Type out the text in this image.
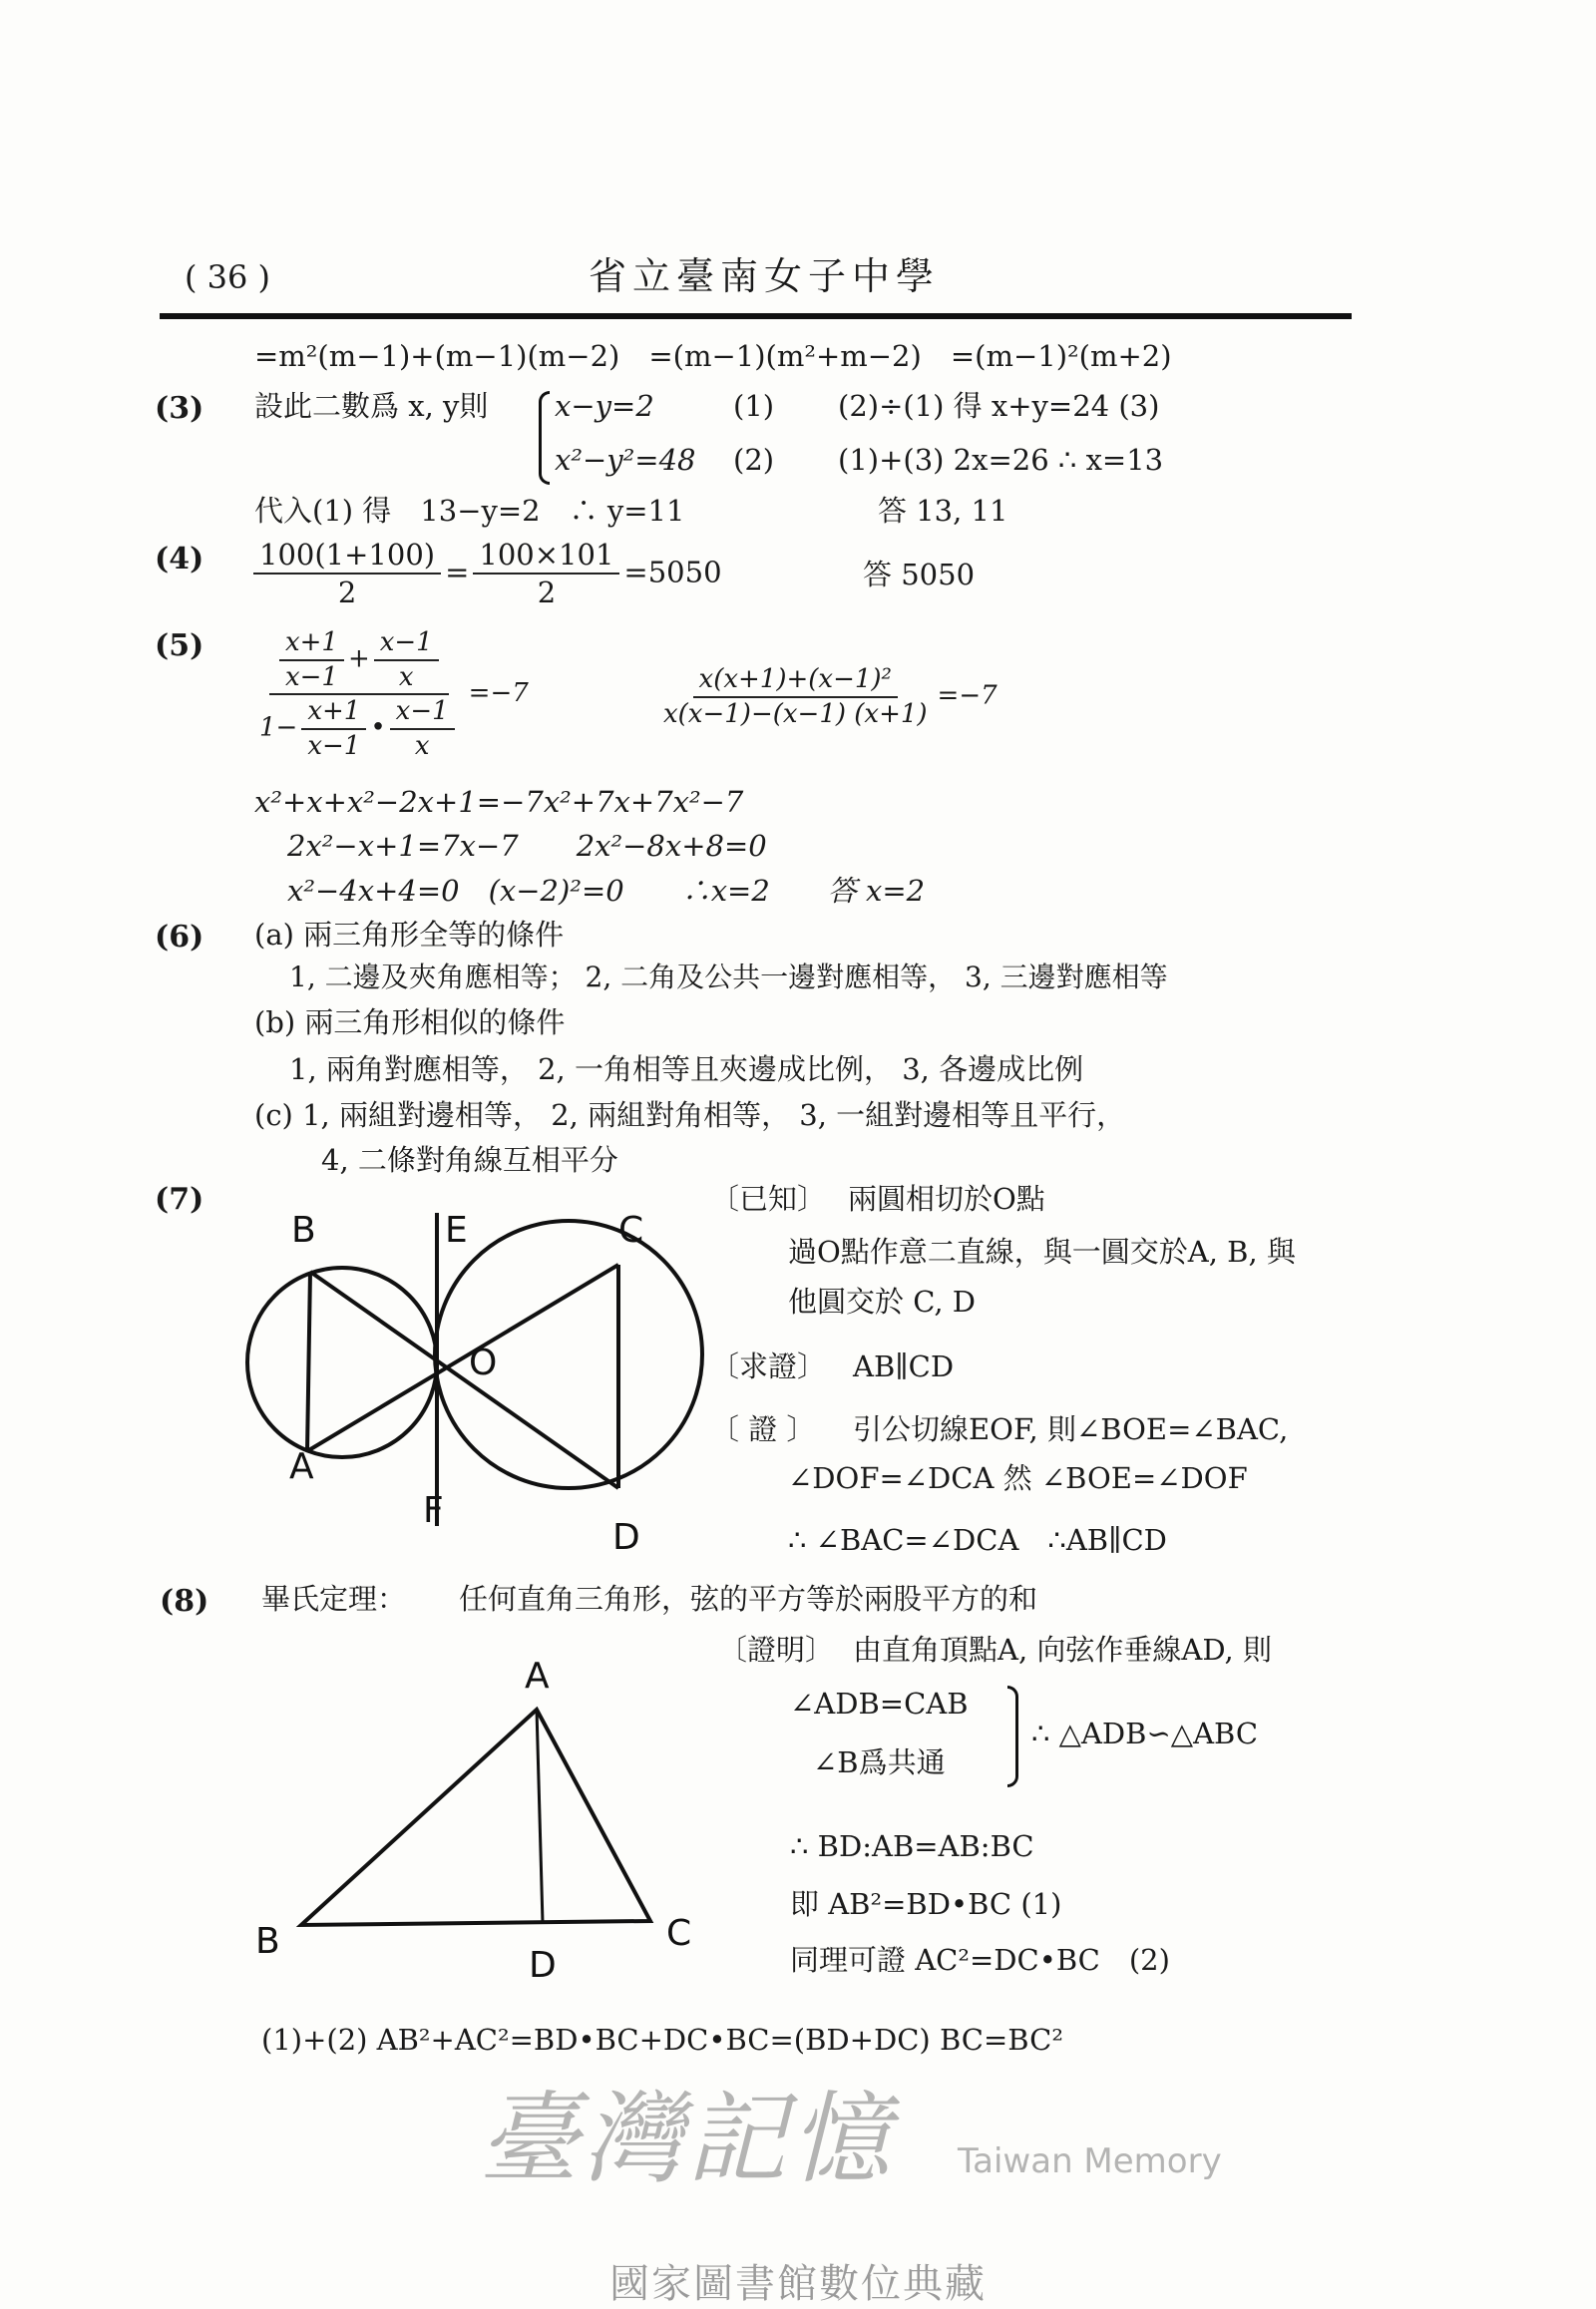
( 36 )	省立臺南女子中學
=m²(m−1)+(m−1)(m−2)　=(m−1)(m²+m−2)　=(m−1)²(m+2)
(3) 設此二數爲 x, y則 x−y=2	(1) (2)÷(1) 得 x+y=24 (3)
x²−y²=48 (2) (1)+(3) 2x=26 ∴ x=13
代入(1) 得　13−y=2　∴ y=11	答 13, 11
$(4) \frac{100(1+100)}{2} = \frac{100\times 101}{2} =5050$	答 5050
$(5) \frac{\frac{x+1}{x-1} + \frac{x-1}{x}}{1- \frac{x+1}{x-1} • \frac{x-1}{x}} =-7$	$\frac{\text{x(x+1)+(x−1)²}}{x(x-1)-(x-1) (x+1)} =-7$
x²+x+x²−2x+1=−7x²+7x+7x²−7
2x²−x+1=7x−7　　2x²−8x+8=0
x²−4x+4=0　(x−2)²=0　　∴x=2　　答 x=2
(6) (a) 兩三角形全等的條件
1, 二邊及夾角應相等； 2, 二角及公共一邊對應相等， 3, 三邊對應相等
(b) 兩三角形相似的條件
1, 兩角對應相等， 2, 一角相等且夾邊成比例， 3, 各邊成比例
(c) 1, 兩組對邊相等， 2, 兩組對角相等， 3, 一組對邊相等且平行，
4, 二條對角線互相平分
(7)
B	E	C
O
A
F
D
A
B	C
D
〔已知〕 兩圓相切於O點
過O點作意二直線，與一圓交於A, B, 與
他圓交於 C, D
〔求證〕 AB∥CD
〔 證 〕 引公切線EOF, 則∠BOE=∠BAC,
∠DOF=∠DCA 然 ∠BOE=∠DOF
∴ ∠BAC=∠DCA　∴AB∥CD
臺灣記憶 Taiwan Memory
(8) 畢氏定理： 任何直角三角形，弦的平方等於兩股平方的和
〔證明〕 由直角頂點A, 向弦作垂線AD, 則
∠ADB=CAB
∠B爲共通
∴ △ADB∽△ABC
∴ BD:AB=AB:BC
即 AB²=BD•BC (1)
同理可證 AC²=DC•BC　(2)
(1)+(2) AB²+AC²=BD•BC+DC•BC=(BD+DC) BC=BC²
國家圖書館數位典藏
